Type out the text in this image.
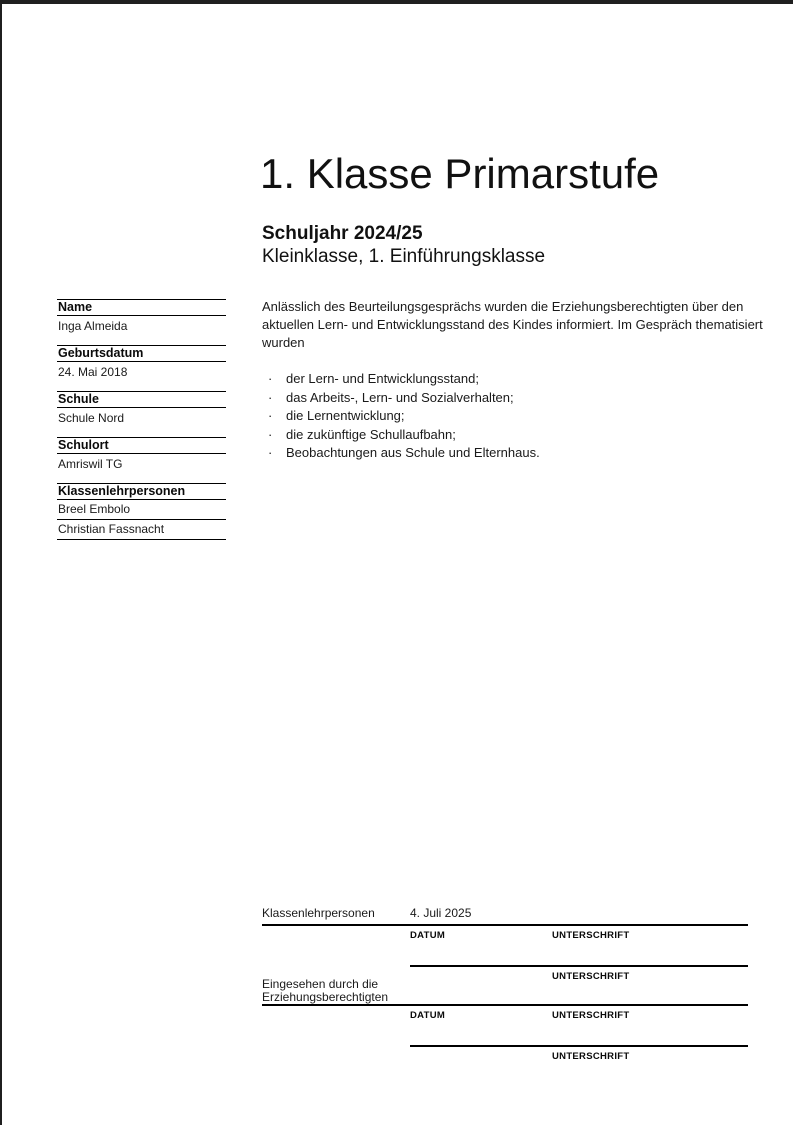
1. Klasse Primarstufe
Schuljahr 2024/25
Kleinklasse, 1. Einführungsklasse
Name
Inga Almeida
Geburtsdatum
24. Mai 2018
Schule
Schule Nord
Schulort
Amriswil TG
Klassenlehrpersonen
Breel Embolo
Christian Fassnacht
Anlässlich des Beurteilungsgesprächs wurden die Erziehungsberechtigten über den aktuellen Lern- und Entwicklungsstand des Kindes informiert. Im Gespräch thematisiert wurden
·	der Lern- und Entwicklungsstand;
·	das Arbeits-, Lern- und Sozialverhalten;
·	die Lernentwicklung;
·	die zukünftige Schullaufbahn;
·	Beobachtungen aus Schule und Elternhaus.
Klassenlehrpersonen	4. Juli 2025
DATUM	UNTERSCHRIFT
UNTERSCHRIFT
Eingesehen durch die
Erziehungsberechtigten
DATUM	UNTERSCHRIFT
UNTERSCHRIFT
